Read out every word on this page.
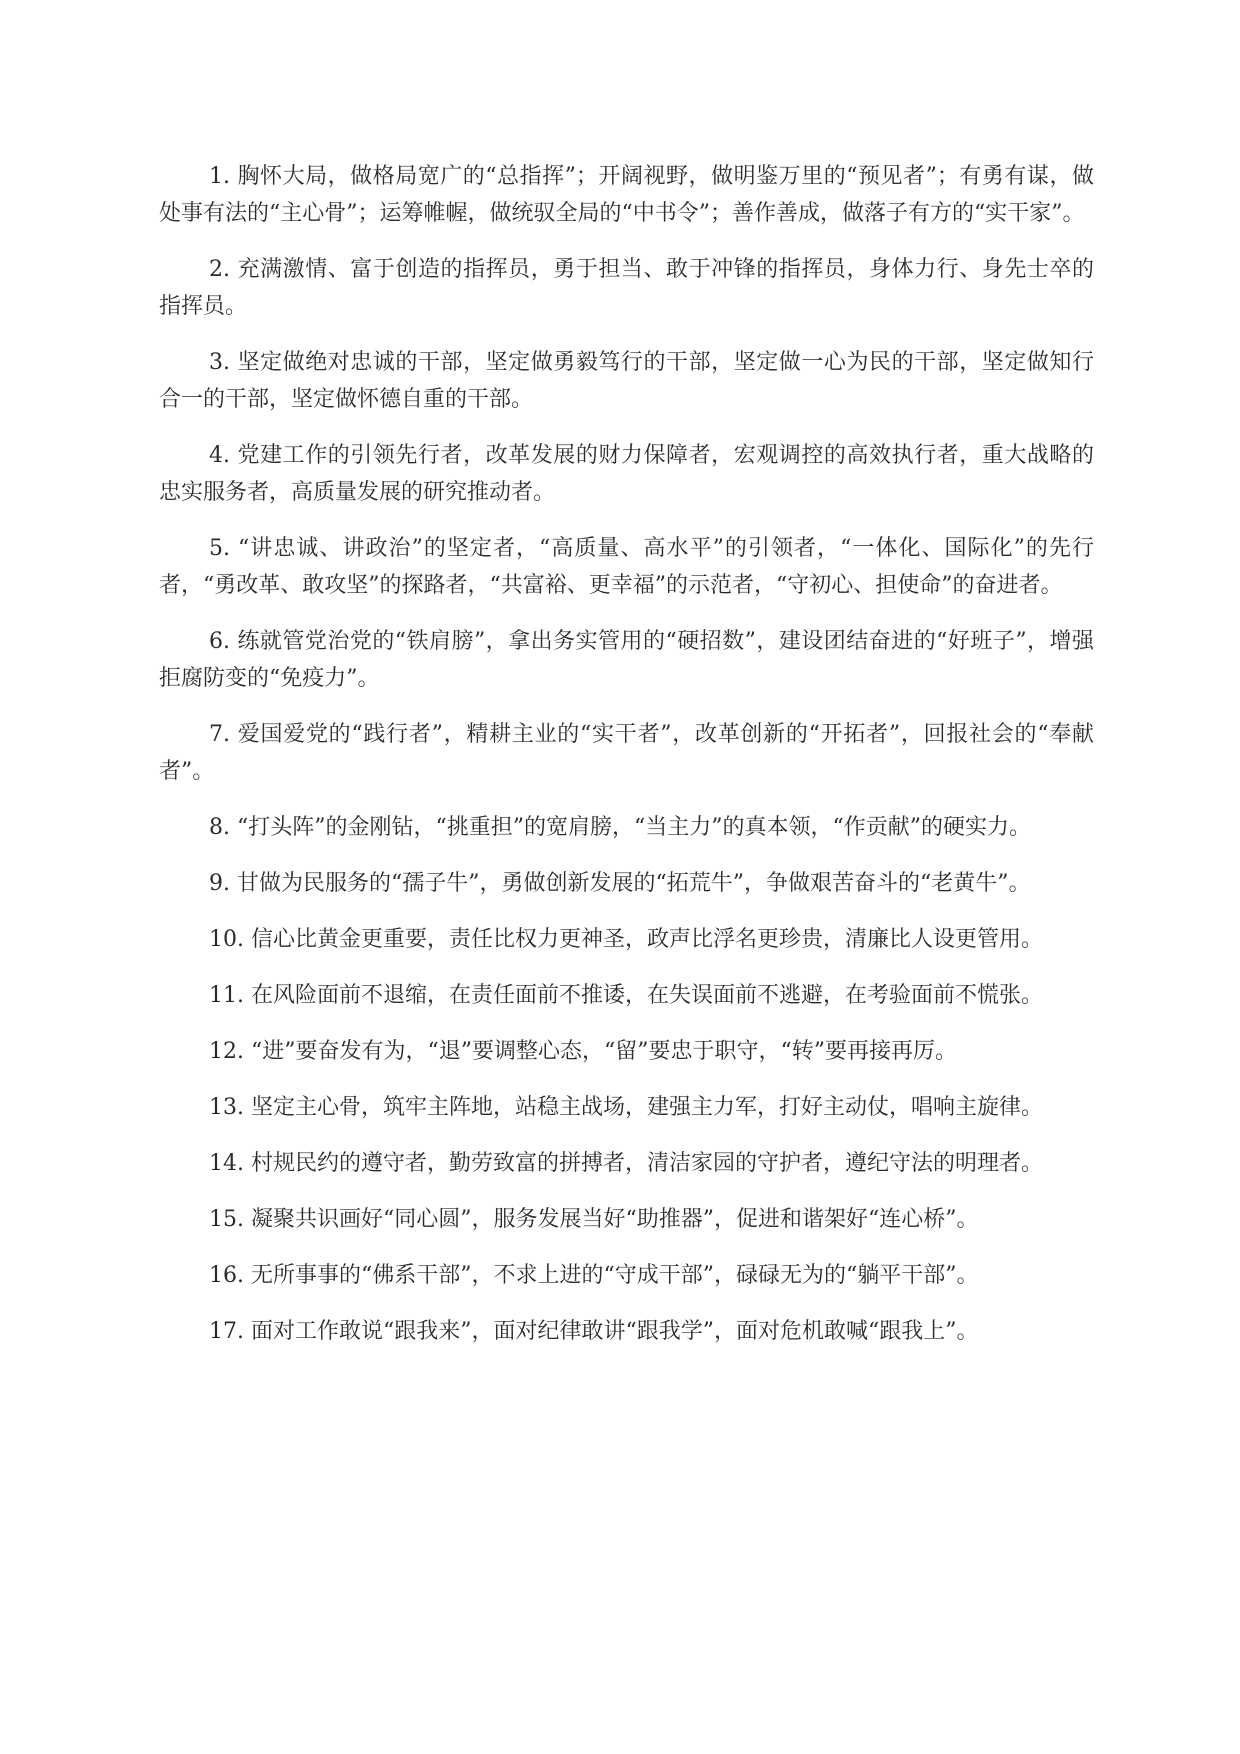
1. 胸怀大局，做格局宽广的“总指挥”；开阔视野，做明鉴万里的“预见者”；有勇有谋，做处事有法的“主心骨”；运筹帷幄，做统驭全局的“中书令”；善作善成，做落子有方的“实干家”。

2. 充满激情、富于创造的指挥员，勇于担当、敢于冲锋的指挥员，身体力行、身先士卒的指挥员。

3. 坚定做绝对忠诚的干部，坚定做勇毅笃行的干部，坚定做一心为民的干部，坚定做知行合一的干部，坚定做怀德自重的干部。

4. 党建工作的引领先行者，改革发展的财力保障者，宏观调控的高效执行者，重大战略的忠实服务者，高质量发展的研究推动者。

5. “讲忠诚、讲政治”的坚定者，“高质量、高水平”的引领者，“一体化、国际化”的先行者，“勇改革、敢攻坚”的探路者，“共富裕、更幸福”的示范者，“守初心、担使命”的奋进者。

6. 练就管党治党的“铁肩膀”，拿出务实管用的“硬招数”，建设团结奋进的“好班子”，增强拒腐防变的“免疫力”。

7. 爱国爱党的“践行者”，精耕主业的“实干者”，改革创新的“开拓者”，回报社会的“奉献者”。

8. “打头阵”的金刚钻，“挑重担”的宽肩膀，“当主力”的真本领，“作贡献”的硬实力。

9. 甘做为民服务的“孺子牛”，勇做创新发展的“拓荒牛”，争做艰苦奋斗的“老黄牛”。

10. 信心比黄金更重要，责任比权力更神圣，政声比浮名更珍贵，清廉比人设更管用。

11. 在风险面前不退缩，在责任面前不推诿，在失误面前不逃避，在考验面前不慌张。

12. “进”要奋发有为，“退”要调整心态，“留”要忠于职守，“转”要再接再厉。

13. 坚定主心骨，筑牢主阵地，站稳主战场，建强主力军，打好主动仗，唱响主旋律。

14. 村规民约的遵守者，勤劳致富的拼搏者，清洁家园的守护者，遵纪守法的明理者。

15. 凝聚共识画好“同心圆”，服务发展当好“助推器”，促进和谐架好“连心桥”。

16. 无所事事的“佛系干部”，不求上进的“守成干部”，碌碌无为的“躺平干部”。

17. 面对工作敢说“跟我来”，面对纪律敢讲“跟我学”，面对危机敢喊“跟我上”。
